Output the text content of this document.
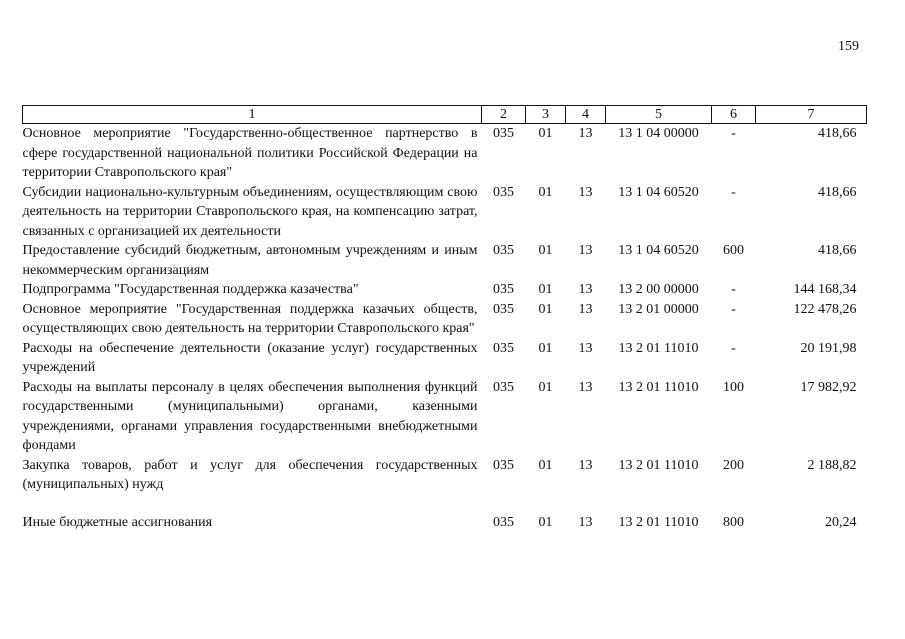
159
1	2	3	4	5	6	7
Основное мероприятие "Государственно-общественное партнерство в сфере государственной национальной политики Российской Федерации на территории Ставропольского края"	035	01	13	13 1 04 00000	-	418,66
Субсидии национально-культурным объединениям, осуществляющим свою деятельность на территории Ставропольского края, на компенсацию затрат, связанных с организацией их деятельности	035	01	13	13 1 04 60520	-	418,66
Предоставление субсидий бюджетным, автономным учреждениям и иным некоммерческим организациям	035	01	13	13 1 04 60520	600	418,66
Подпрограмма "Государственная поддержка казачества"	035	01	13	13 2 00 00000	-	144 168,34
Основное мероприятие "Государственная поддержка казачьих обществ, осуществляющих свою деятельность на территории Ставропольского края"	035	01	13	13 2 01 00000	-	122 478,26
Расходы на обеспечение деятельности (оказание услуг) государственных учреждений	035	01	13	13 2 01 11010	-	20 191,98
Расходы на выплаты персоналу в целях обеспечения выполнения функций государственными (муниципальными) органами, казенными учреждениями, органами управления государственными внебюджетными фондами	035	01	13	13 2 01 11010	100	17 982,92
Закупка товаров, работ и услуг для обеспечения государственных (муниципальных) нужд	035	01	13	13 2 01 11010	200	2 188,82
Иные бюджетные ассигнования	035	01	13	13 2 01 11010	800	20,24
